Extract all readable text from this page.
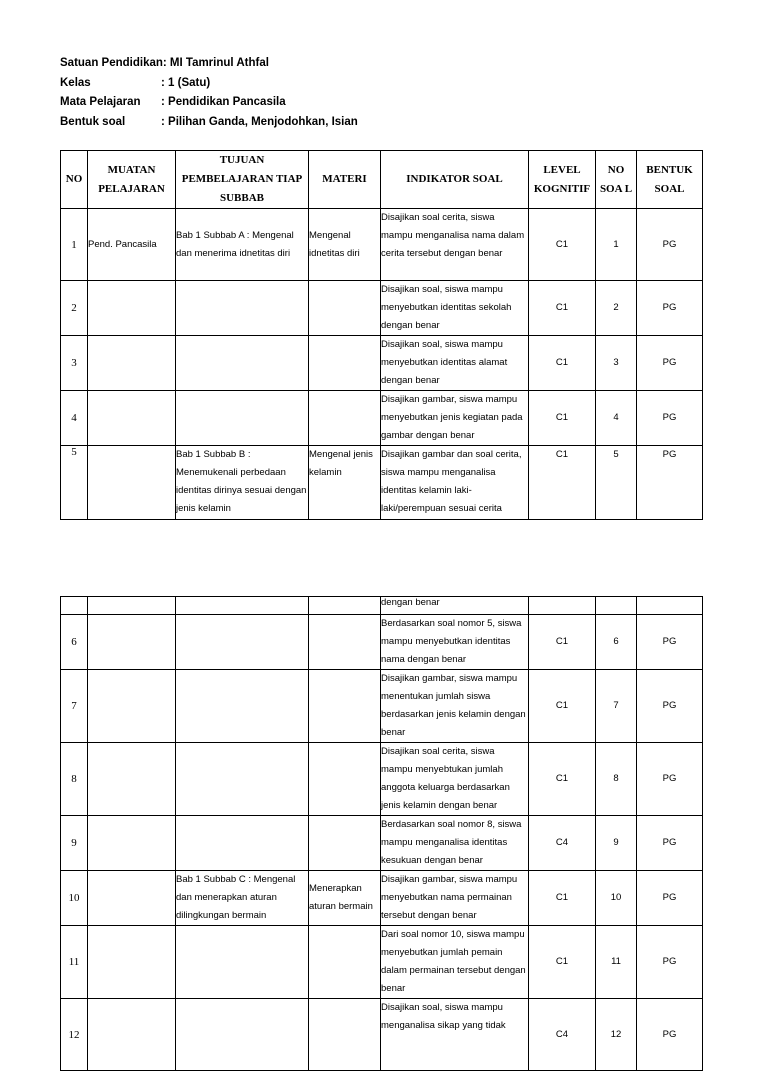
Satuan Pendidikan: MI Tamrinul Athfal
Kelas	: 1 (Satu)
Mata Pelajaran : Pendidikan Pancasila
Bentuk soal	: Pilihan Ganda, Menjodohkan, Isian
NO	MUATAN PELAJARAN	TUJUAN PEMBELAJARAN TIAP SUBBAB	MATERI	INDIKATOR SOAL	LEVEL KOGNITIF	NO SOA L	BENTUK SOAL
1	Pend. Pancasila	Bab 1 Subbab A : Mengenal dan menerima idnetitas diri	Mengenal idnetitas diri	Disajikan soal cerita, siswa mampu menganalisa nama dalam cerita tersebut dengan benar	C1	1	PG
2				Disajikan soal, siswa mampu menyebutkan identitas sekolah dengan benar	C1	2	PG
3				Disajikan soal, siswa mampu menyebutkan identitas alamat dengan benar	C1	3	PG
4				Disajikan gambar, siswa mampu menyebutkan jenis kegiatan pada gambar dengan benar	C1	4	PG
5		Bab 1 Subbab B : Menemukenali perbedaan identitas dirinya sesuai dengan jenis kelamin	Mengenal jenis kelamin	Disajikan gambar dan soal cerita, siswa mampu menganalisa identitas kelamin laki-laki/perempuan sesuai cerita	C1	5	PG
				dengan benar			
6				Berdasarkan soal nomor 5, siswa mampu menyebutkan identitas nama dengan benar	C1	6	PG
7				Disajikan gambar, siswa mampu menentukan jumlah siswa berdasarkan jenis kelamin dengan benar	C1	7	PG
8				Disajikan soal cerita, siswa mampu menyebtukan jumlah anggota keluarga berdasarkan jenis kelamin dengan benar	C1	8	PG
9				Berdasarkan soal nomor 8, siswa mampu menganalisa identitas kesukuan dengan benar	C4	9	PG
10		Bab 1 Subbab C : Mengenal dan menerapkan aturan dilingkungan bermain	Menerapkan aturan bermain	Disajikan gambar, siswa mampu menyebutkan nama permainan tersebut dengan benar	C1	10	PG
11				Dari soal nomor 10, siswa mampu menyebutkan jumlah pemain dalam permainan tersebut dengan benar	C1	11	PG
12				Disajikan soal, siswa mampu menganalisa sikap yang tidak	C4	12	PG
